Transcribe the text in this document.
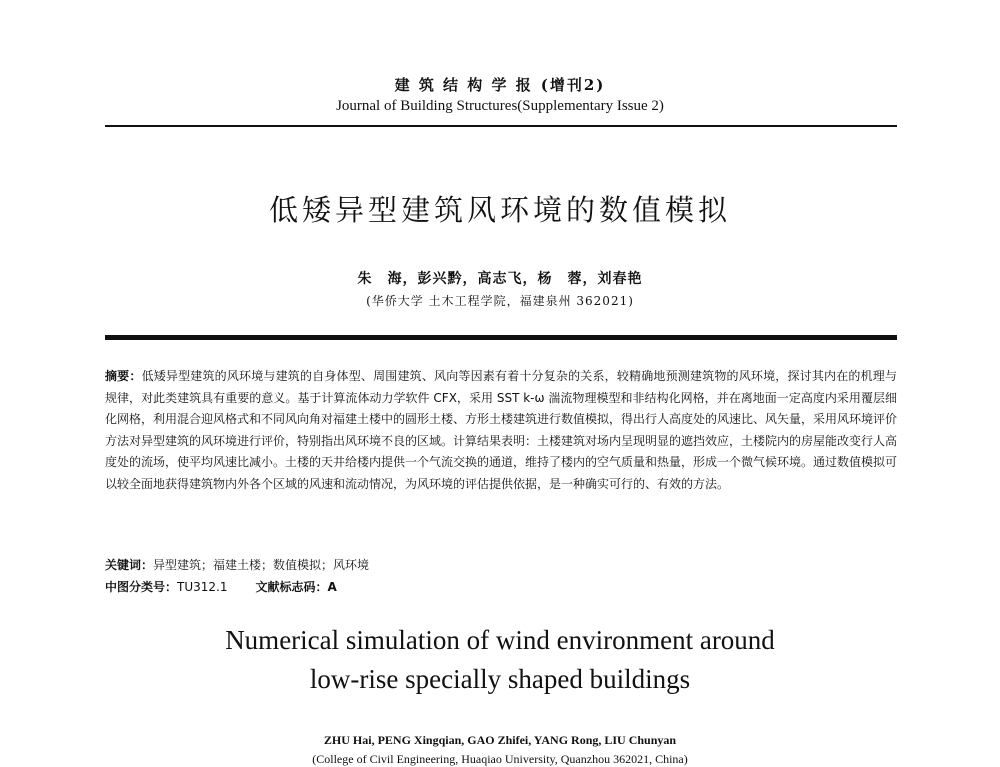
建 筑 结 构 学 报 (增刊2)
Journal of Building Structures(Supplementary Issue 2)
低矮异型建筑风环境的数值模拟
朱　海，彭兴黔，高志飞，杨　蓉，刘春艳
(华侨大学 土木工程学院，福建泉州 362021)
摘要：低矮异型建筑的风环境与建筑的自身体型、周围建筑、风向等因素有着十分复杂的关系，较精确地预测建筑物的风环境，探讨其内在的机理与规律，对此类建筑具有重要的意义。基于计算流体动力学软件 CFX，采用 SST k-ω 湍流物理模型和非结构化网格，并在离地面一定高度内采用覆层细化网格，利用混合迎风格式和不同风向角对福建土楼中的圆形土楼、方形土楼建筑进行数值模拟，得出行人高度处的风速比、风矢量，采用风环境评价方法对异型建筑的风环境进行评价，特别指出风环境不良的区域。计算结果表明：土楼建筑对场内呈现明显的遮挡效应，土楼院内的房屋能改变行人高度处的流场，使平均风速比减小。土楼的天井给楼内提供一个气流交换的通道，维持了楼内的空气质量和热量，形成一个微气候环境。通过数值模拟可以较全面地获得建筑物内外各个区域的风速和流动情况，为风环境的评估提供依据，是一种确实可行的、有效的方法。
关键词：异型建筑；福建土楼；数值模拟；风环境
中图分类号：TU312.1 文献标志码：A
Numerical simulation of wind environment around
low-rise specially shaped buildings
ZHU Hai, PENG Xingqian, GAO Zhifei, YANG Rong, LIU Chunyan
(College of Civil Engineering, Huaqiao University, Quanzhou 362021, China)
